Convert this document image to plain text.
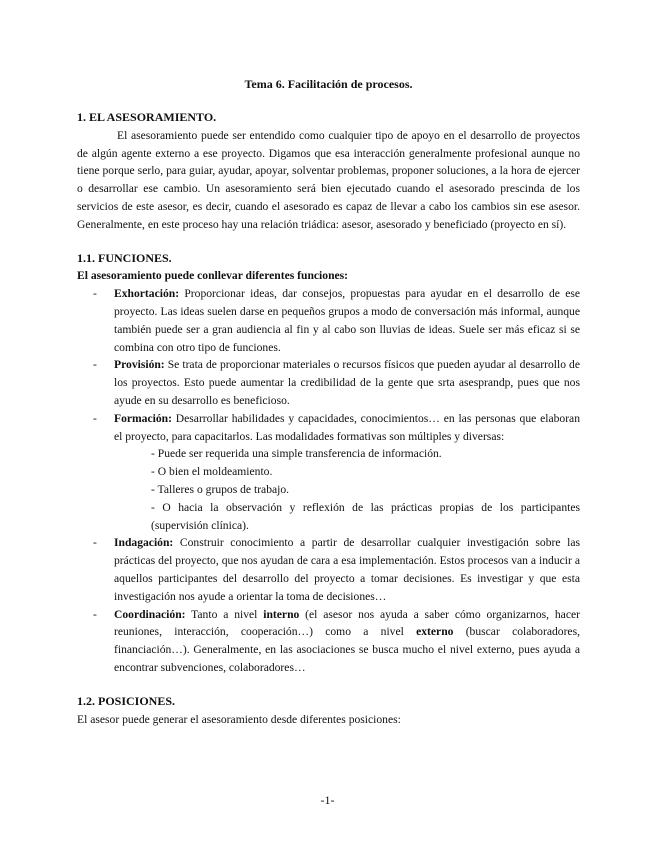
Tema 6. Facilitación de procesos.
1. EL ASESORAMIENTO.

El asesoramiento puede ser entendido como cualquier tipo de apoyo en el desarrollo de proyectos de algún agente externo a ese proyecto. Digamos que esa interacción generalmente profesional aunque no tiene porque serlo, para guiar, ayudar, apoyar, solventar problemas, proponer soluciones, a la hora de ejercer o desarrollar ese cambio. Un asesoramiento será bien ejecutado cuando el asesorado prescinda de los servicios de este asesor, es decir, cuando el asesorado es capaz de llevar a cabo los cambios sin ese asesor. Generalmente, en este proceso hay una relación triádica: asesor, asesorado y beneficiado (proyecto en sí).

1.1. FUNCIONES.
El asesoramiento puede conllevar diferentes funciones:
- Exhortación: Proporcionar ideas, dar consejos, propuestas para ayudar en el desarrollo de ese proyecto. Las ideas suelen darse en pequeños grupos a modo de conversación más informal, aunque también puede ser a gran audiencia al fin y al cabo son lluvias de ideas. Suele ser más eficaz si se combina con otro tipo de funciones.
- Provisión: Se trata de proporcionar materiales o recursos físicos que pueden ayudar al desarrollo de los proyectos. Esto puede aumentar la credibilidad de la gente que srta asesprandp, pues que nos ayude en su desarrollo es beneficioso.
- Formación: Desarrollar habilidades y capacidades, conocimientos… en las personas que elaboran el proyecto, para capacitarlos. Las modalidades formativas son múltiples y diversas:
- Puede ser requerida una simple transferencia de información.
- O bien el moldeamiento.
- Talleres o grupos de trabajo.
- O hacia la observación y reflexión de las prácticas propias de los participantes (supervisión clínica).
- Indagación: Construir conocimiento a partir de desarrollar cualquier investigación sobre las prácticas del proyecto, que nos ayudan de cara a esa implementación. Estos procesos van a inducir a aquellos participantes del desarrollo del proyecto a tomar decisiones. Es investigar y que esta investigación nos ayude a orientar la toma de decisiones…
- Coordinación: Tanto a nivel interno (el asesor nos ayuda a saber cómo organizarnos, hacer reuniones, interacción, cooperación…) como a nivel externo (buscar colaboradores, financiación…). Generalmente, en las asociaciones se busca mucho el nivel externo, pues ayuda a encontrar subvenciones, colaboradores…
1.2. POSICIONES.

El asesor puede generar el asesoramiento desde diferentes posiciones:

-1-
